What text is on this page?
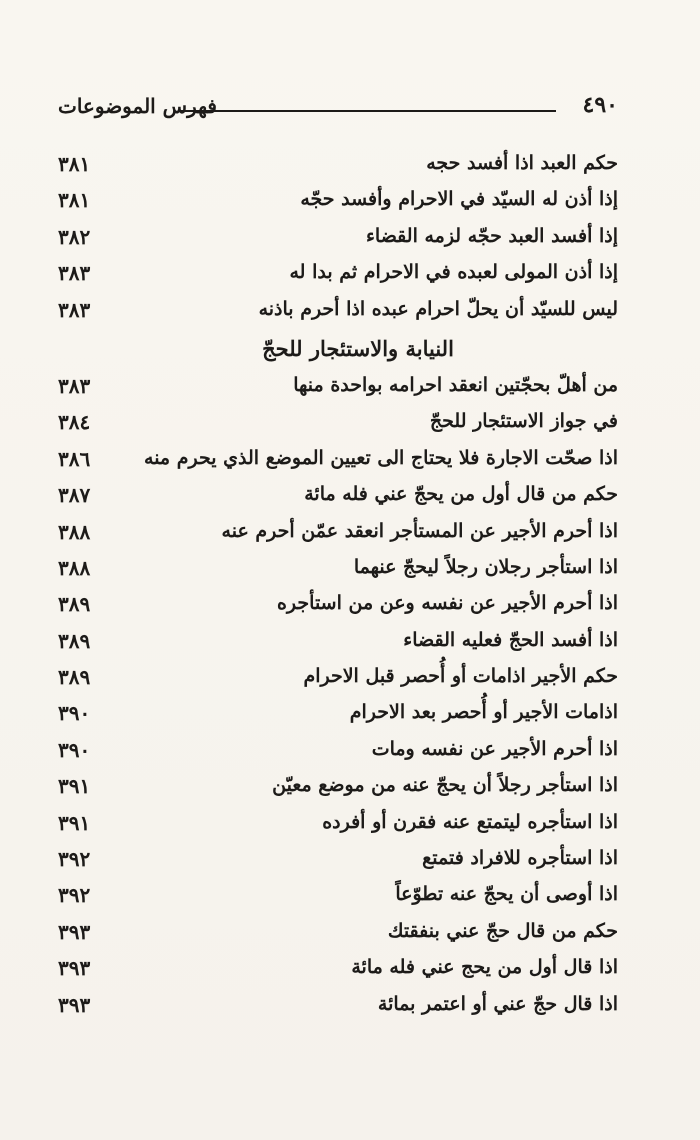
٤٩٠
فهرس الموضوعات
حكم العبد اذا أفسد حجه
٣٨١
إذا أذن له السيّد في الاحرام وأفسد حجّه
٣٨١
إذا أفسد العبد حجّه لزمه القضاء
٣٨٢
إذا أذن المولى لعبده في الاحرام ثم بدا له
٣٨٣
ليس للسيّد أن يحلّ احرام عبده اذا أحرم باذنه
٣٨٣
النيابة والاستئجار للحجّ
من أهلّ بحجّتين انعقد احرامه بواحدة منها
٣٨٣
في جواز الاستئجار للحجّ
٣٨٤
اذا صحّت الاجارة فلا يحتاج الى تعيين الموضع الذي يحرم منه
٣٨٦
حكم من قال أول من يحجّ عني فله مائة
٣٨٧
اذا أحرم الأجير عن المستأجر انعقد عمّن أحرم عنه
٣٨٨
اذا استأجر رجلان رجلاً ليحجّ عنهما
٣٨٨
اذا أحرم الأجير عن نفسه وعن من استأجره
٣٨٩
اذا أفسد الحجّ فعليه القضاء
٣٨٩
حكم الأجير اذامات أو أُحصر قبل الاحرام
٣٨٩
اذامات الأجير أو أُحصر بعد الاحرام
٣٩٠
اذا أحرم الأجير عن نفسه ومات
٣٩٠
اذا استأجر رجلاً أن يحجّ عنه من موضع معيّن
٣٩١
اذا استأجره ليتمتع عنه فقرن أو أفرده
٣٩١
اذا استأجره للافراد فتمتع
٣٩٢
اذا أوصى أن يحجّ عنه تطوّعاً
٣٩٢
حكم من قال حجّ عني بنفقتك
٣٩٣
اذا قال أول من يحج عني فله مائة
٣٩٣
اذا قال حجّ عني أو اعتمر بمائة
٣٩٣
